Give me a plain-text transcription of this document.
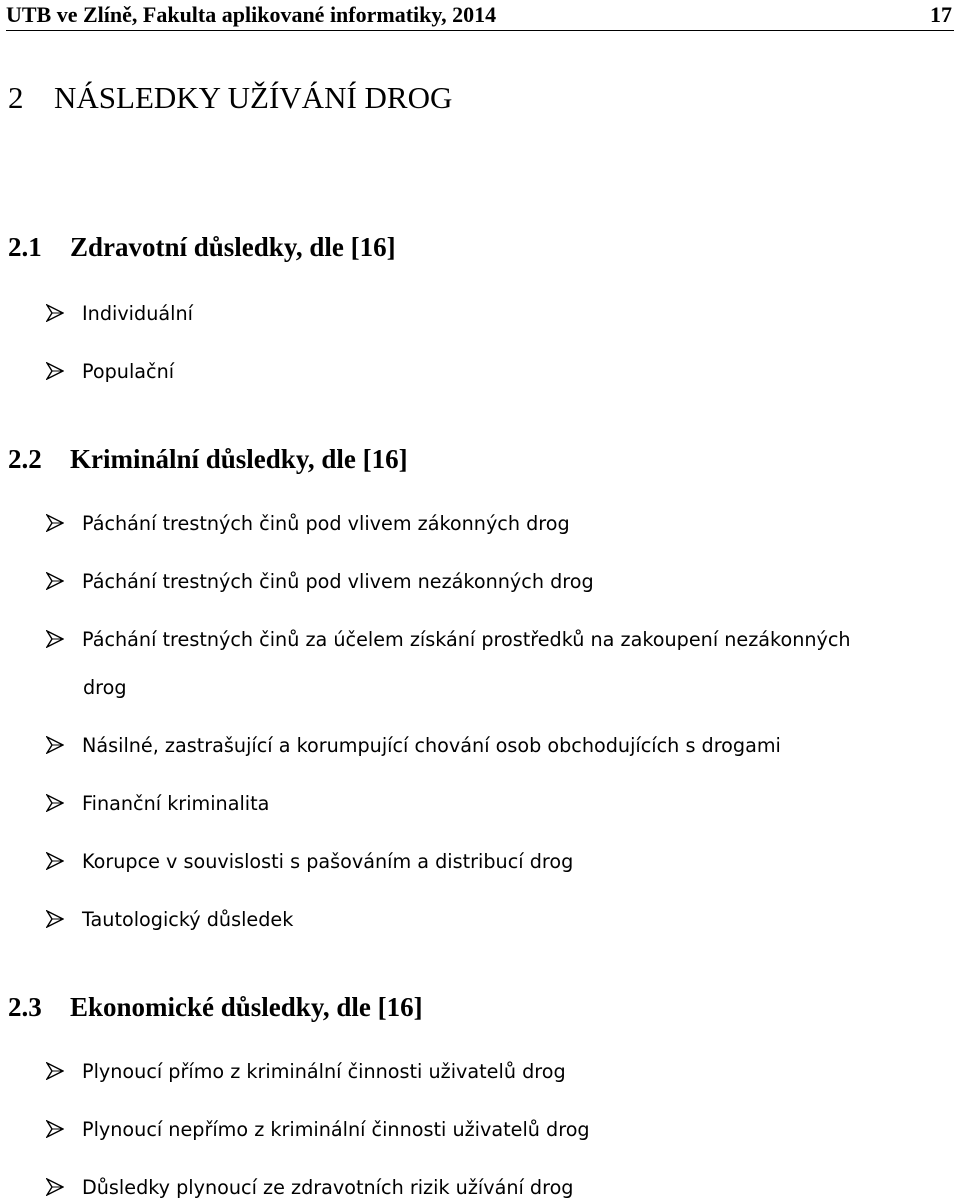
UTB ve Zlíně, Fakulta aplikované informatiky, 2014	17
2 NÁSLEDKY UŽÍVÁNÍ DROG
2.1 Zdravotní důsledky, dle [16]
Individuální
Populační
2.2 Kriminální důsledky, dle [16]
Páchání trestných činů pod vlivem zákonných drog
Páchání trestných činů pod vlivem nezákonných drog
Páchání trestných činů za účelem získání prostředků na zakoupení nezákonných
drog
Násilné, zastrašující a korumpující chování osob obchodujících s drogami
Finanční kriminalita
Korupce v souvislosti s pašováním a distribucí drog
Tautologický důsledek
2.3 Ekonomické důsledky, dle [16]
Plynoucí přímo z kriminální činnosti uživatelů drog
Plynoucí nepřímo z kriminální činnosti uživatelů drog
Důsledky plynoucí ze zdravotních rizik užívání drog
